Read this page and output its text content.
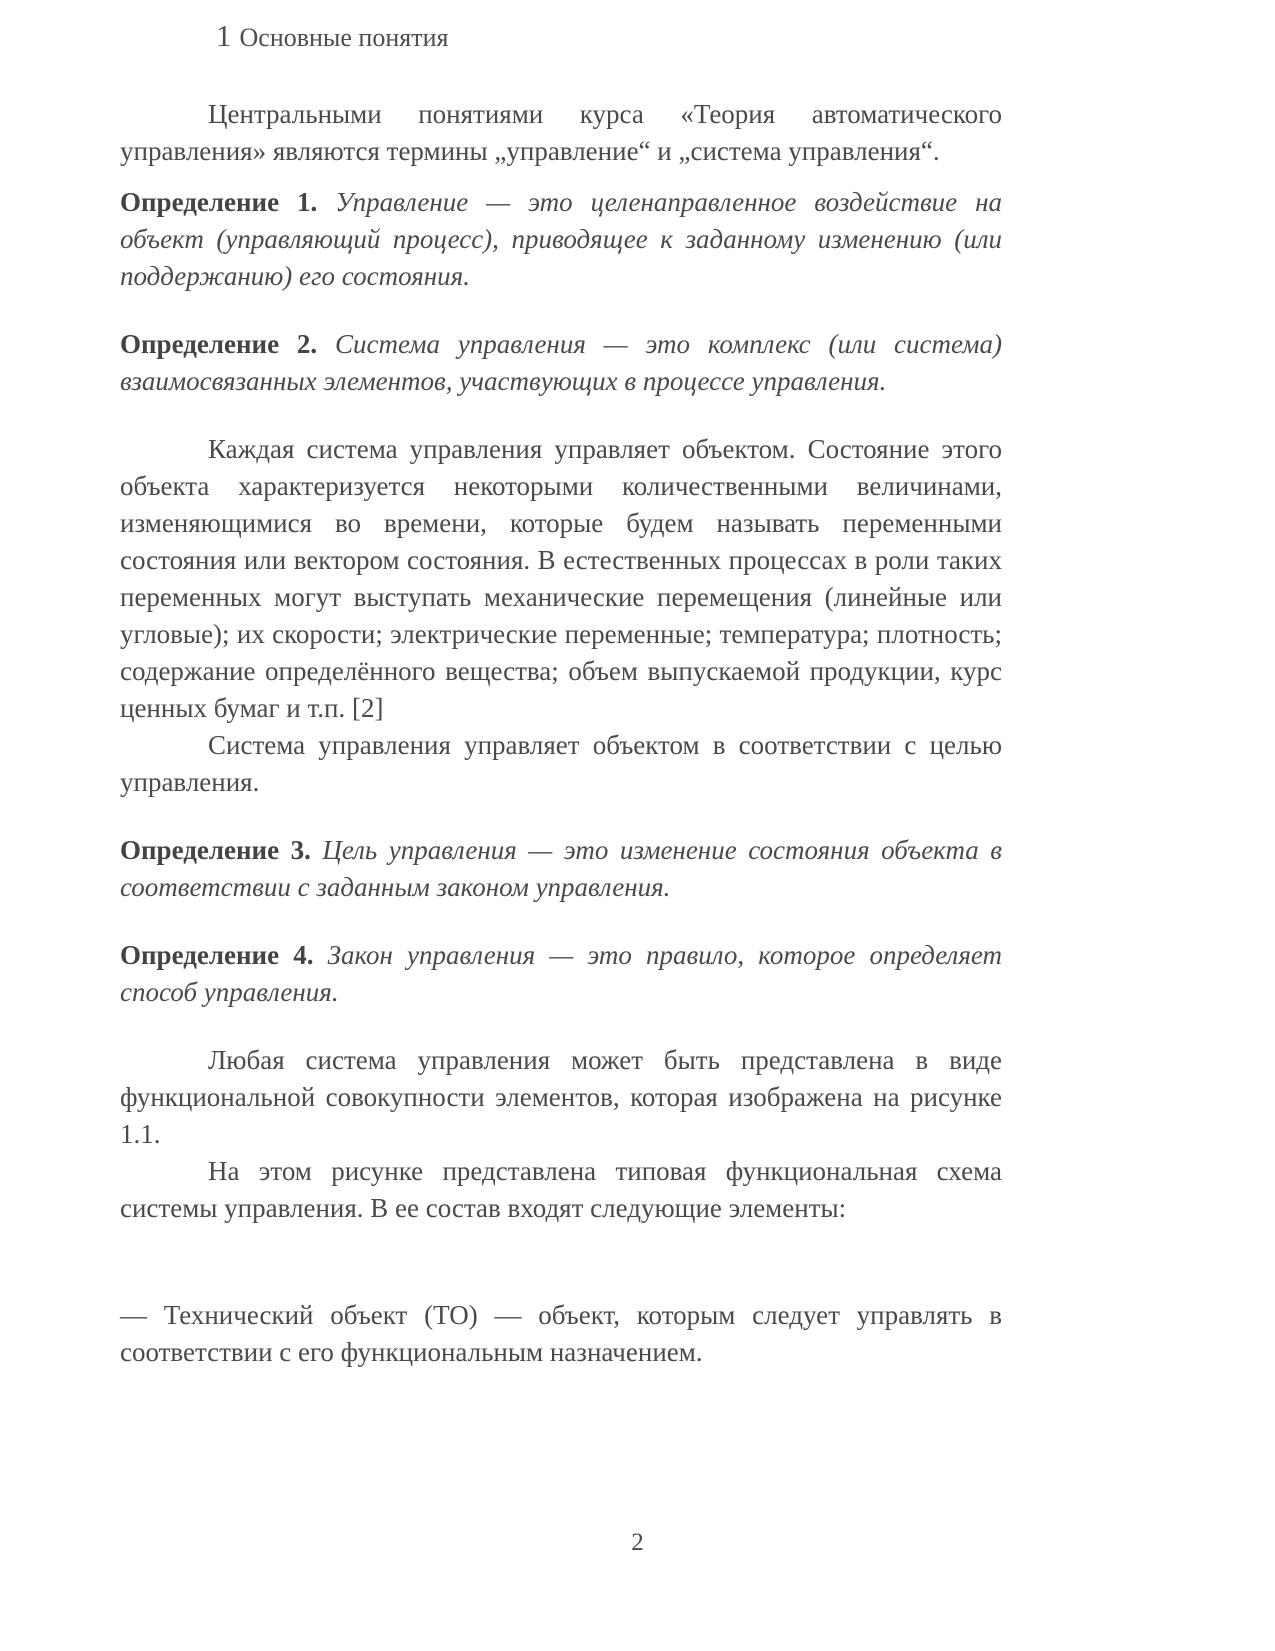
1 Основные понятия

Центральными понятиями курса «Теория автоматического управления» являются термины „управление“ и „система управления“.

Определение 1. Управление — это целенаправленное воздействие на объект (управляющий процесс), приводящее к заданному изменению (или поддержанию) его состояния.

Определение 2. Система управления — это комплекс (или система) взаимосвязанных элементов, участвующих в процессе управления.

Каждая система управления управляет объектом. Состояние этого объекта характеризуется некоторыми количественными величинами, изменяющимися во времени, которые будем называть переменными состояния или вектором состояния. В естественных процессах в роли таких переменных могут выступать механические перемещения (линейные или угловые); их скорости; электрические переменные; температура; плотность; содержание определённого вещества; объем выпускаемой продукции, курс ценных бумаг и т.п. [2]

Система управления управляет объектом в соответствии с целью управления.

Определение 3. Цель управления — это изменение состояния объекта в соответствии с заданным законом управления.

Определение 4. Закон управления — это правило, которое определяет способ управления.

Любая система управления может быть представлена в виде функциональной совокупности элементов, которая изображена на рисунке 1.1.

На этом рисунке представлена типовая функциональная схема системы управления. В ее состав входят следующие элементы:

— Технический объект (ТО) — объект, которым следует управлять в соответствии с его функциональным назначением.

2
